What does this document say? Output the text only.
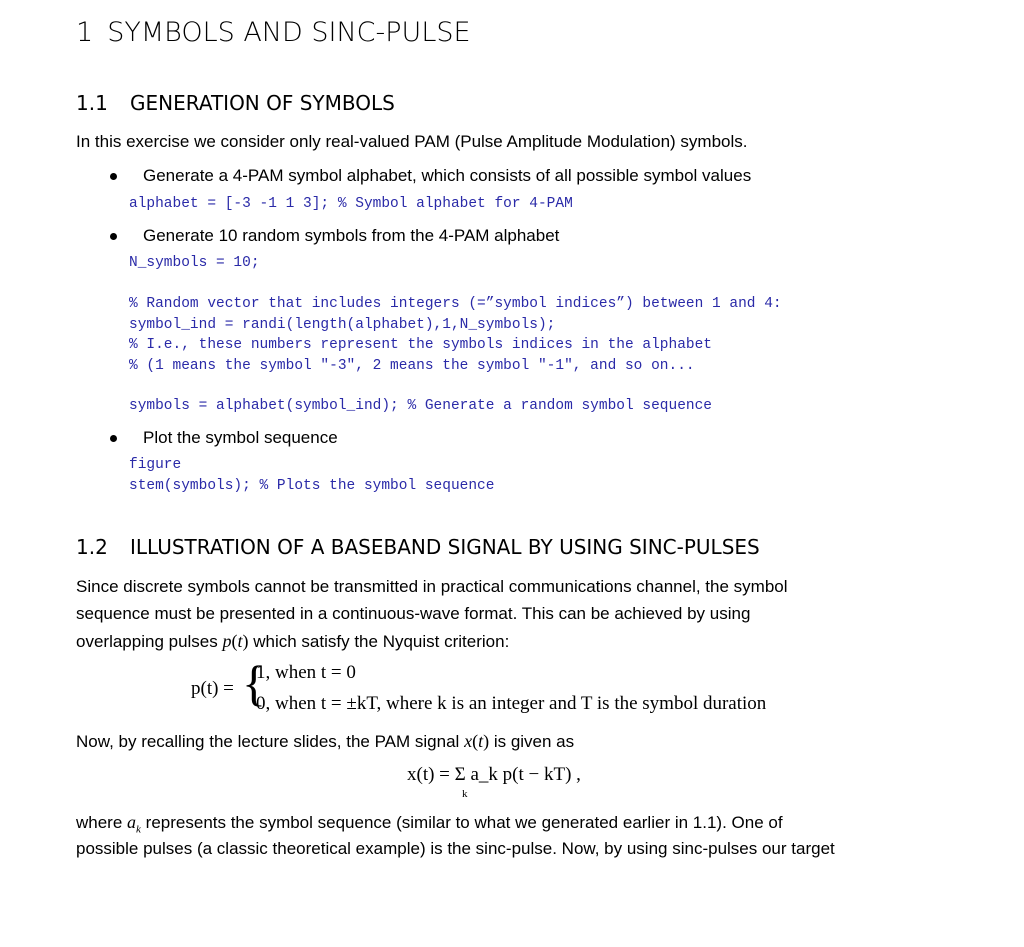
1 SYMBOLS AND SINC-PULSE
1.1 GENERATION OF SYMBOLS
In this exercise we consider only real-valued PAM (Pulse Amplitude Modulation) symbols.
Generate a 4-PAM symbol alphabet, which consists of all possible symbol values
alphabet = [-3 -1 1 3]; % Symbol alphabet for 4-PAM
Generate 10 random symbols from the 4-PAM alphabet
N_symbols = 10;
% Random vector that includes integers (=”symbol indices”) between 1 and 4:
symbol_ind = randi(length(alphabet),1,N_symbols);
% I.e., these numbers represent the symbols indices in the alphabet
% (1 means the symbol "-3", 2 means the symbol "-1", and so on...
symbols = alphabet(symbol_ind); % Generate a random symbol sequence
Plot the symbol sequence
figure
stem(symbols); % Plots the symbol sequence
1.2 ILLUSTRATION OF A BASEBAND SIGNAL BY USING SINC-PULSES
Since discrete symbols cannot be transmitted in practical communications channel, the symbol
sequence must be presented in a continuous-wave format. This can be achieved by using
overlapping pulses p(t) which satisfy the Nyquist criterion:
p(t) = {
1, when t = 0
0, when t = ±kT, where k is an integer and T is the symbol duration
Now, by recalling the lecture slides, the PAM signal x(t) is given as
x(t) = Σ a_k p(t − kT) ,
k
where $a_k$ represents the symbol sequence (similar to what we generated earlier in 1.1). One of
possible pulses (a classic theoretical example) is the sinc-pulse. Now, by using sinc-pulses our target
